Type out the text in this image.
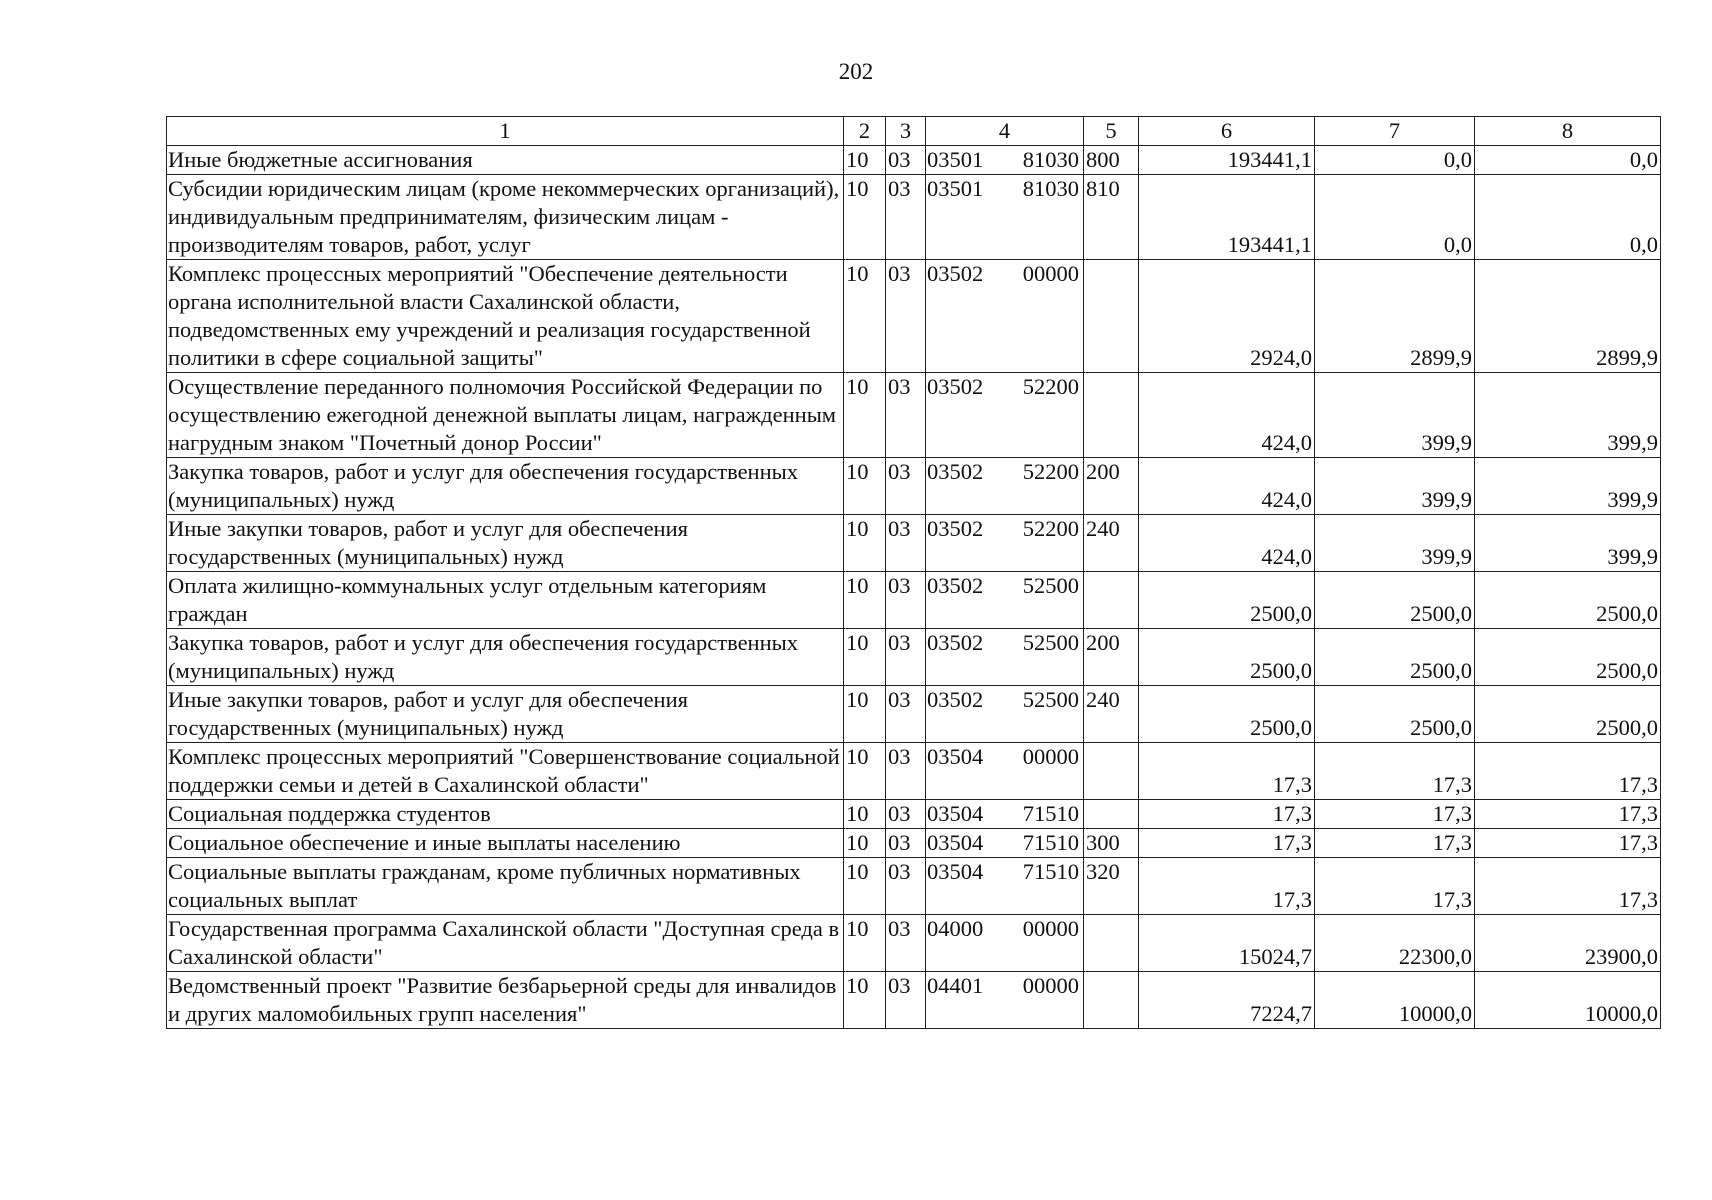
202
1	2	3	4	5	6	7	8
Иные бюджетные ассигнования	10	03	03501 81030	800	193441,1	0,0	0,0
Субсидии юридическим лицам (кроме некоммерческих организаций), индивидуальным предпринимателям, физическим лицам - производителям товаров, работ, услуг	10	03	03501 81030	810	193441,1	0,0	0,0
Комплекс процессных мероприятий "Обеспечение деятельности органа исполнительной власти Сахалинской области, подведомственных ему учреждений и реализация государственной политики в сфере социальной защиты"	10	03	03502 00000		2924,0	2899,9	2899,9
Осуществление переданного полномочия Российской Федерации по осуществлению ежегодной денежной выплаты лицам, награжденным нагрудным знаком "Почетный донор России"	10	03	03502 52200		424,0	399,9	399,9
Закупка товаров, работ и услуг для обеспечения государственных (муниципальных) нужд	10	03	03502 52200	200	424,0	399,9	399,9
Иные закупки товаров, работ и услуг для обеспечения государственных (муниципальных) нужд	10	03	03502 52200	240	424,0	399,9	399,9
Оплата жилищно-коммунальных услуг отдельным категориям граждан	10	03	03502 52500		2500,0	2500,0	2500,0
Закупка товаров, работ и услуг для обеспечения государственных (муниципальных) нужд	10	03	03502 52500	200	2500,0	2500,0	2500,0
Иные закупки товаров, работ и услуг для обеспечения государственных (муниципальных) нужд	10	03	03502 52500	240	2500,0	2500,0	2500,0
Комплекс процессных мероприятий "Совершенствование социальной поддержки семьи и детей в Сахалинской области"	10	03	03504 00000		17,3	17,3	17,3
Социальная поддержка студентов	10	03	03504 71510		17,3	17,3	17,3
Социальное обеспечение и иные выплаты населению	10	03	03504 71510	300	17,3	17,3	17,3
Социальные выплаты гражданам, кроме публичных нормативных социальных выплат	10	03	03504 71510	320	17,3	17,3	17,3
Государственная программа Сахалинской области "Доступная среда в Сахалинской области"	10	03	04000 00000		15024,7	22300,0	23900,0
Ведомственный проект "Развитие безбарьерной среды для инвалидов и других маломобильных групп населения"	10	03	04401 00000		7224,7	10000,0	10000,0
